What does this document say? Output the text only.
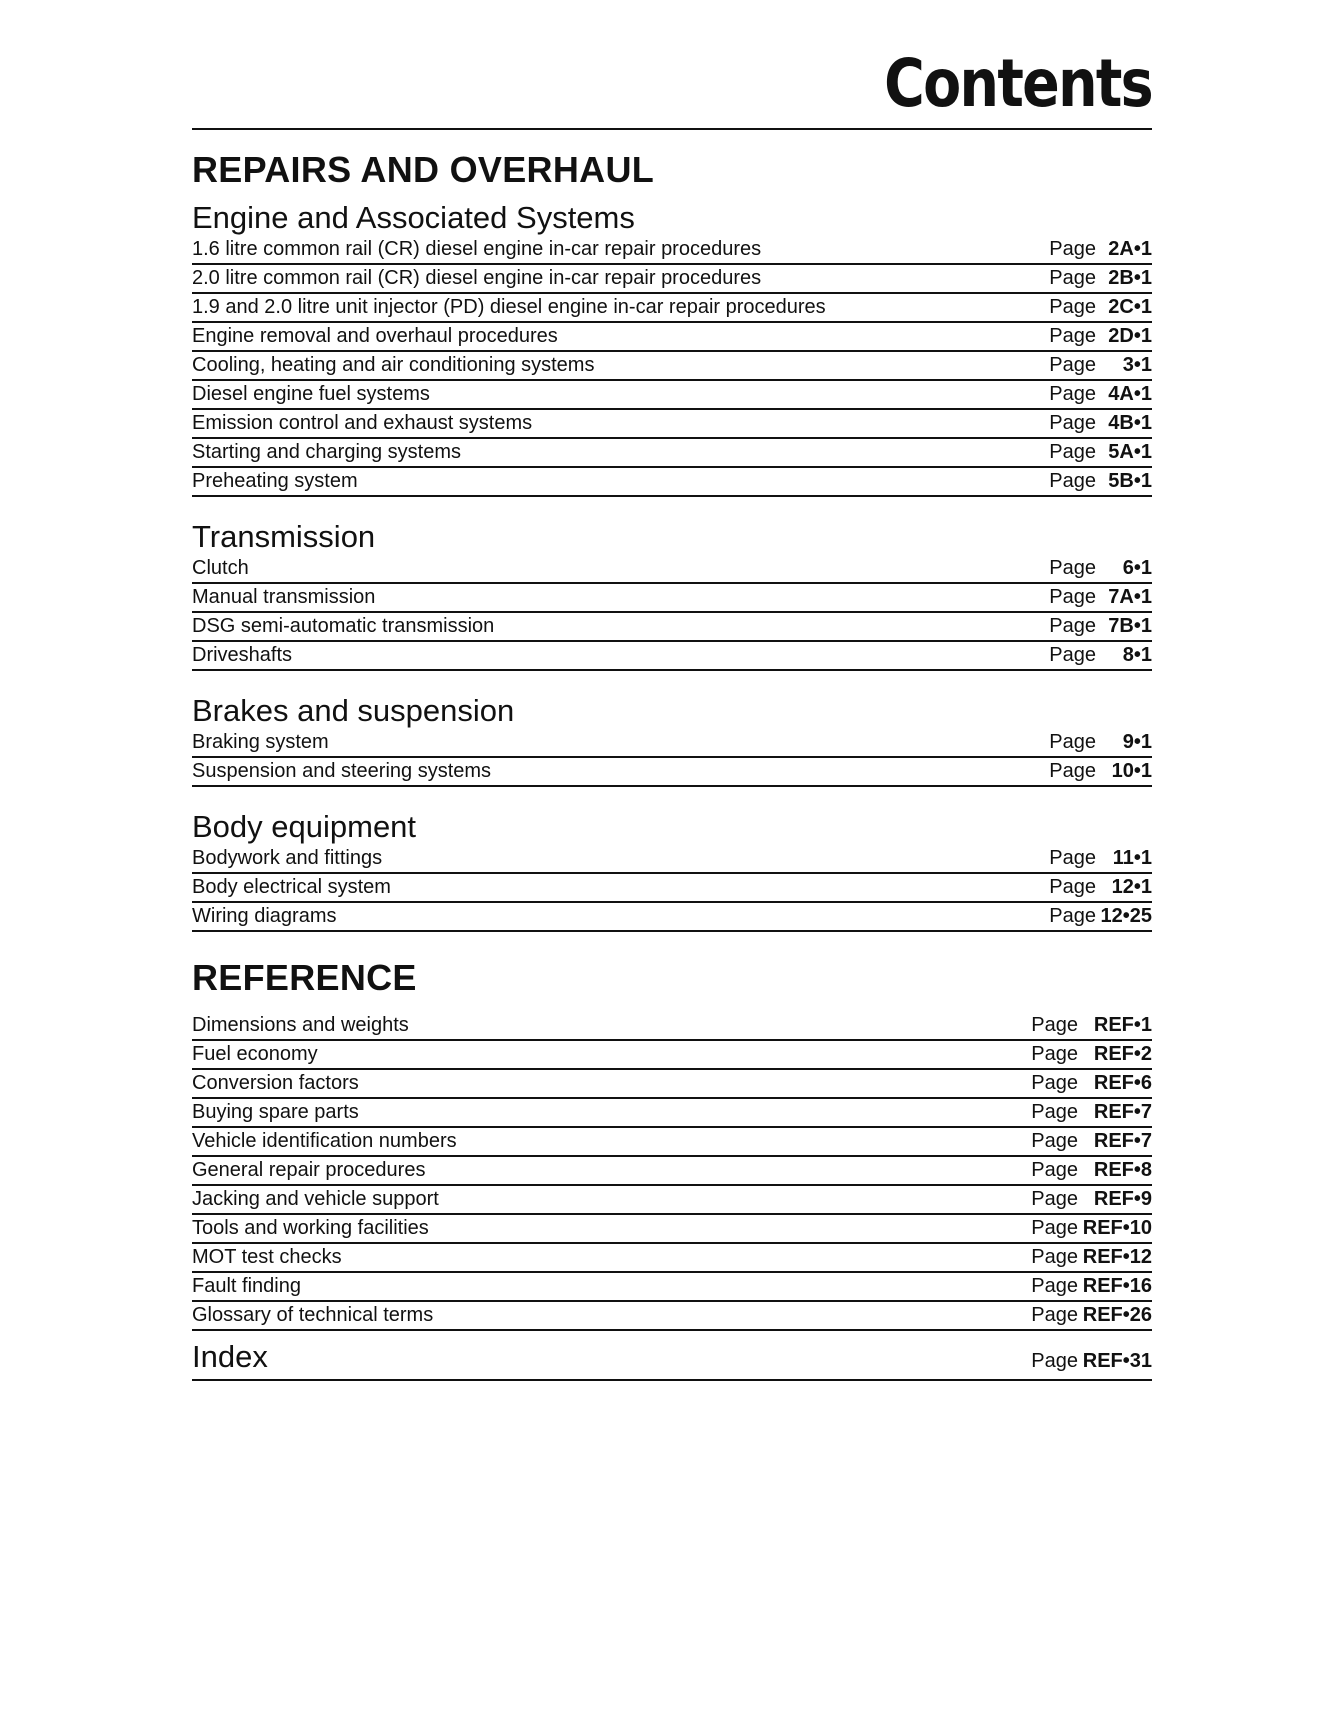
Contents
REPAIRS AND OVERHAUL
Engine and Associated Systems
1.6 litre common rail (CR) diesel engine in-car repair procedures	Page 2A•1
2.0 litre common rail (CR) diesel engine in-car repair procedures	Page 2B•1
1.9 and 2.0 litre unit injector (PD) diesel engine in-car repair procedures	Page 2C•1
Engine removal and overhaul procedures	Page 2D•1
Cooling, heating and air conditioning systems	Page	3•1
Diesel engine fuel systems	Page 4A•1
Emission control and exhaust systems	Page 4B•1
Starting and charging systems	Page 5A•1
Preheating system	Page 5B•1
Transmission
Clutch	Page	6•1
Manual transmission	Page 7A•1
DSG semi-automatic transmission	Page 7B•1
Driveshafts	Page	8•1
Brakes and suspension
Braking system	Page	9•1
Suspension and steering systems	Page 10•1
Body equipment
Bodywork and fittings	Page 11•1
Body electrical system	Page 12•1
Wiring diagrams	Page 12•25
REFERENCE
Dimensions and weights	Page REF•1
Fuel economy	Page REF•2
Conversion factors	Page REF•6
Buying spare parts	Page REF•7
Vehicle identification numbers	Page REF•7
General repair procedures	Page REF•8
Jacking and vehicle support	Page REF•9
Tools and working facilities	Page REF•10
MOT test checks	Page REF•12
Fault finding	Page REF•16
Glossary of technical terms	Page REF•26
Index	Page REF•31
